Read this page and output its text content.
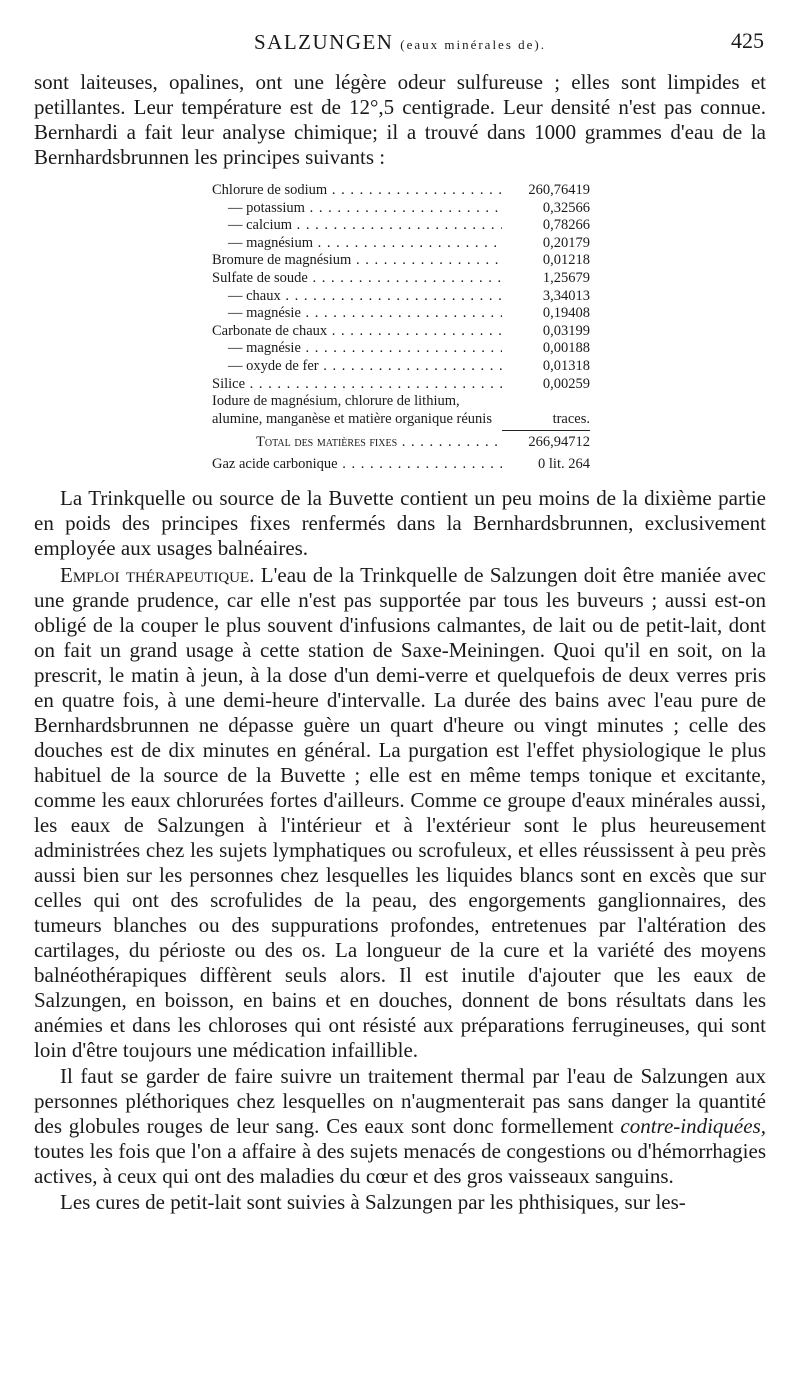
SALZUNGEN (eaux minérales de).	425

sont laiteuses, opalines, ont une légère odeur sulfureuse ; elles sont limpides et petillantes. Leur température est de 12°,5 centigrade. Leur densité n'est pas connue. Bernhardi a fait leur analyse chimique; il a trouvé dans 1000 grammes d'eau de la Bernhardsbrunnen les principes suivants :

Chlorure de sodium . . .	260,76419
— potassium . . .	0,32566
— calcium . . .	0,78266
— magnésium . . .	0,20179
Bromure de magnésium . . .	0,01218
Sulfate de soude . . .	1,25679
— chaux . . .	3,34013
— magnésie . . .	0,19408
Carbonate de chaux . . .	0,03199
— magnésie . . .	0,00188
— oxyde de fer . . .	0,01318
Silice . . .	0,00259
Iodure de magnésium, chlorure de lithium, alumine, manganèse et matière organique réunis	traces.
Total des matières fixes . . .	266,94712
Gaz acide carbonique . . .	0 lit. 264

La Trinkquelle ou source de la Buvette contient un peu moins de la dixième partie en poids des principes fixes renfermés dans la Bernhardsbrunnen, exclusivement employée aux usages balnéaires.

Emploi thérapeutique. L'eau de la Trinkquelle de Salzungen doit être maniée avec une grande prudence, car elle n'est pas supportée par tous les buveurs ; aussi est-on obligé de la couper le plus souvent d'infusions calmantes, de lait ou de petit-lait, dont on fait un grand usage à cette station de Saxe-Meiningen. Quoi qu'il en soit, on la prescrit, le matin à jeun, à la dose d'un demi-verre et quelquefois de deux verres pris en quatre fois, à une demi-heure d'intervalle. La durée des bains avec l'eau pure de Bernhardsbrunnen ne dépasse guère un quart d'heure ou vingt minutes ; celle des douches est de dix minutes en général. La purgation est l'effet physiologique le plus habituel de la source de la Buvette ; elle est en même temps tonique et excitante, comme les eaux chlorurées fortes d'ailleurs. Comme ce groupe d'eaux minérales aussi, les eaux de Salzungen à l'intérieur et à l'extérieur sont le plus heureusement administrées chez les sujets lymphatiques ou scrofuleux, et elles réussissent à peu près aussi bien sur les personnes chez lesquelles les liquides blancs sont en excès que sur celles qui ont des scrofulides de la peau, des engorgements ganglionnaires, des tumeurs blanches ou des suppurations profondes, entretenues par l'altération des cartilages, du périoste ou des os. La longueur de la cure et la variété des moyens balnéothérapiques diffèrent seuls alors. Il est inutile d'ajouter que les eaux de Salzungen, en boisson, en bains et en douches, donnent de bons résultats dans les anémies et dans les chloroses qui ont résisté aux préparations ferrugineuses, qui sont loin d'être toujours une médication infaillible.

Il faut se garder de faire suivre un traitement thermal par l'eau de Salzungen aux personnes pléthoriques chez lesquelles on n'augmenterait pas sans danger la quantité des globules rouges de leur sang. Ces eaux sont donc formellement contre-indiquées, toutes les fois que l'on a affaire à des sujets menacés de congestions ou d'hémorrhagies actives, à ceux qui ont des maladies du cœur et des gros vaisseaux sanguins.

Les cures de petit-lait sont suivies à Salzungen par les phthisiques, sur les-
